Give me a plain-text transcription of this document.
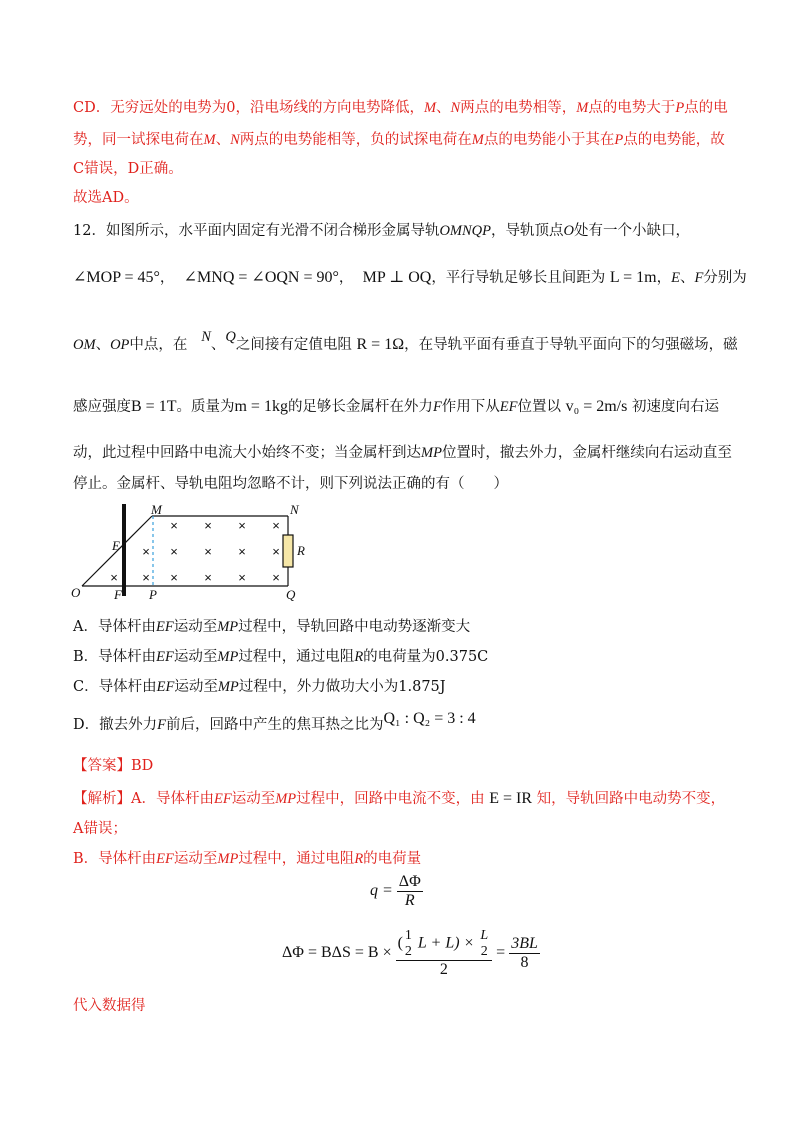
CD．无穷远处的电势为0，沿电场线的方向电势降低，M、N两点的电势相等，M点的电势大于P点的电
势，同一试探电荷在M、N两点的电势能相等，负的试探电荷在M点的电势能小于其在P点的电势能，故
C错误，D正确。
故选AD。
12．如图所示，水平面内固定有光滑不闭合梯形金属导轨OMNQP，导轨顶点O处有一个小缺口，
∠MOP = 45°， ∠MNQ = ∠OQN = 90°， MP ⊥ OQ，平行导轨足够长且间距为 L = 1m，E、F分别为
OM、OP中点，在 N、Q之间接有定值电阻 R = 1Ω，在导轨平面有垂直于导轨平面向下的匀强磁场，磁
感应强度B = 1T。质量为m = 1kg的足够长金属杆在外力F作用下从EF位置以 v₀ = 2m/s 初速度向右运
动，此过程中回路中电流大小始终不变；当金属杆到达MP位置时，撤去外力，金属杆继续向右运动直至
停止。金属杆、导轨电阻均忽略不计，则下列说法正确的有（　　）
× × × ×
× × × × ×
× × × × × ×
M	N
E	R
O	F P	Q
A．导体杆由EF运动至MP过程中，导轨回路中电动势逐渐变大
B．导体杆由EF运动至MP过程中，通过电阻R的电荷量为0.375C
C．导体杆由EF运动至MP过程中，外力做功大小为1.875J
D．撤去外力F前后，回路中产生的焦耳热之比为Q₁ : Q₂ = 3 : 4
【答案】BD
【解析】A．导体杆由EF运动至MP过程中，回路中电流不变，由 E = IR 知，导轨回路中电动势不变，
A错误；
B．导体杆由EF运动至MP过程中，通过电阻R的电荷量
$q = \frac{\Delta\Phi}{R}$
ΔΦ = BΔS = B × ( 1
2 L + L) × L
2
$2 = \frac{3BL}{8}$
代入数据得
